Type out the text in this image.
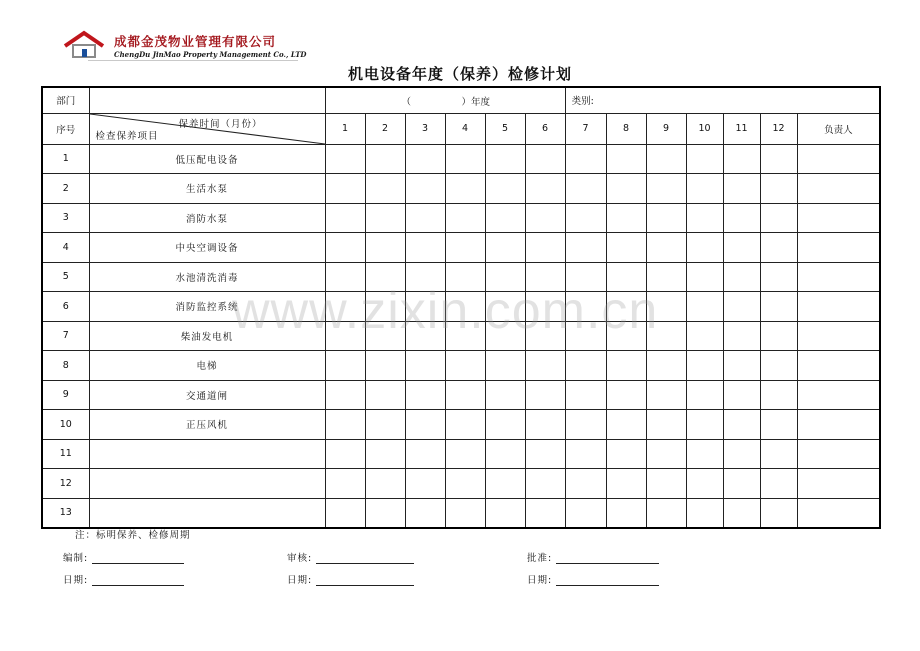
成都金茂物业管理有限公司
ChengDu JinMao Property Management Co., LTD
机电设备年度（保养）检修计划
部门		（ ）年度						类别:						
序号	保养时间（月份）
检查保养项目	1	2	3	4	5	6	7	8	9	10	11	12	负责人
1	低压配电设备													
2	生活水泵													
3	消防水泵													
4	中央空调设备													
5	水池清洗消毒													
6	消防监控系统													
7	柴油发电机													
8	电梯													
9	交通道闸													
10	正压风机													
11														
12														
13														
www.zixin.com.cn
注：标明保养、检修周期
编制:	审核:	批准:
日期:	日期:	日期:
